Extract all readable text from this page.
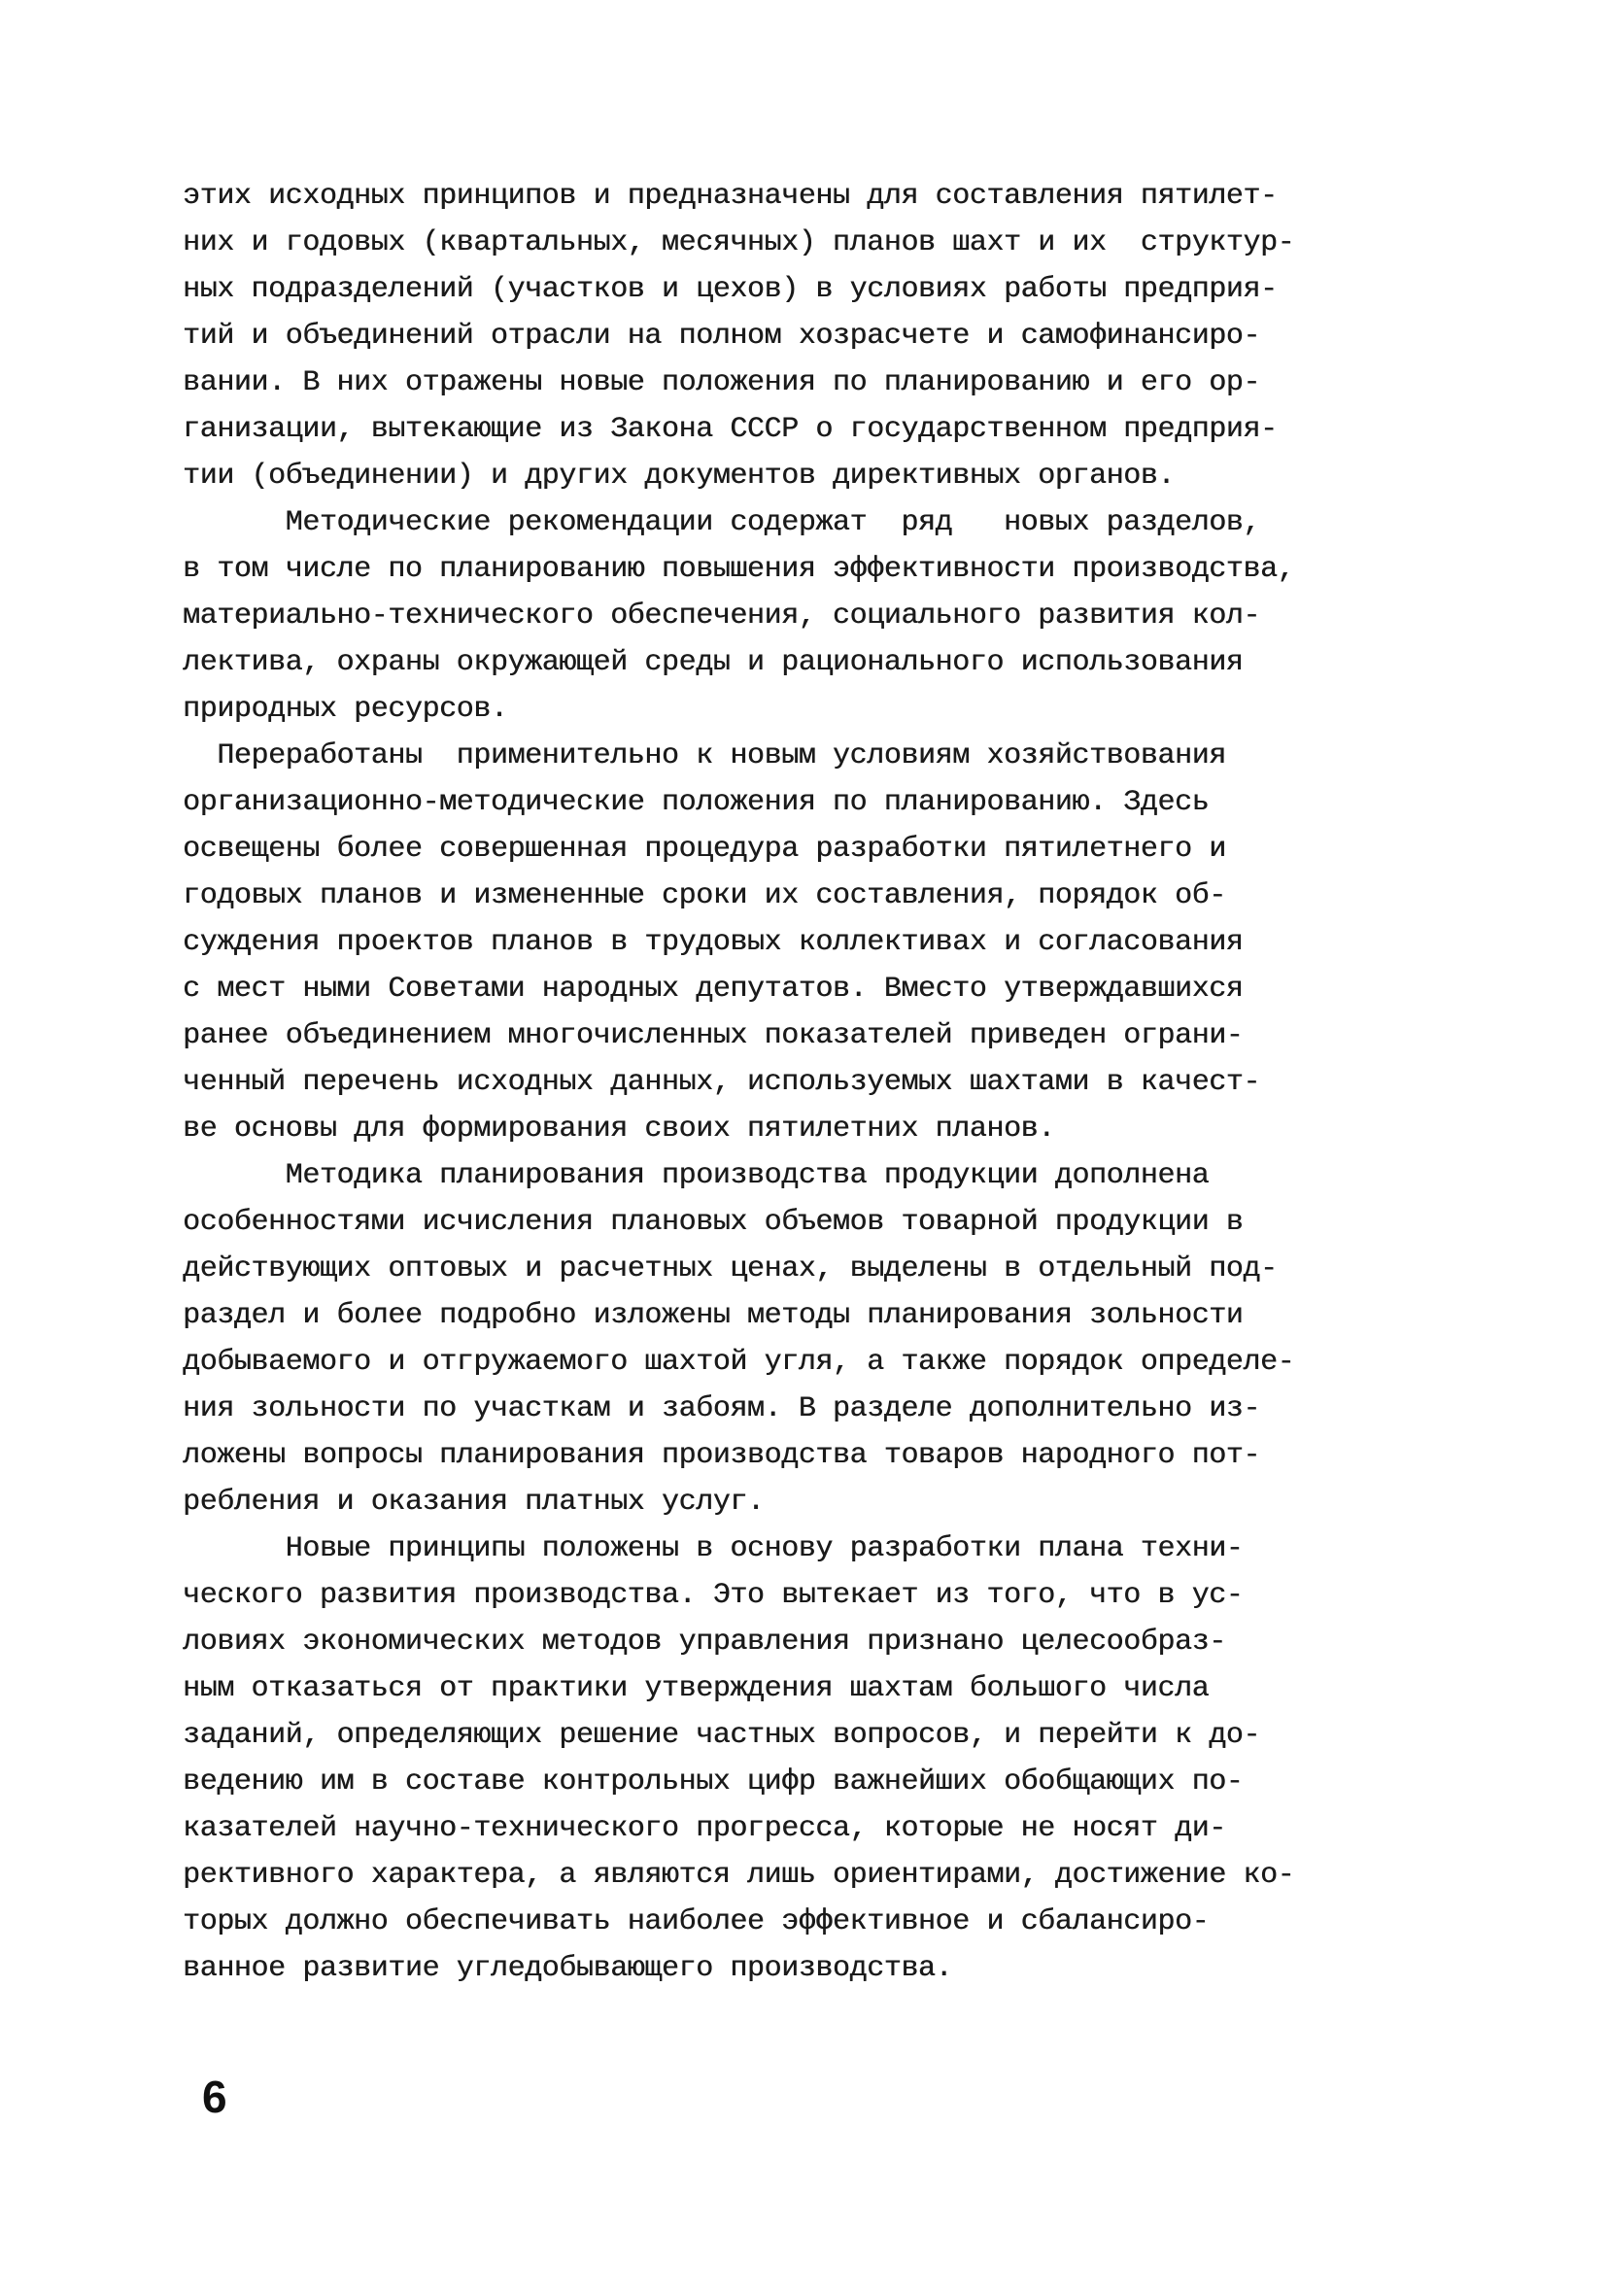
этих исходных принципов и предназначены для составления пятилет-
них и годовых (квартальных, месячных) планов шахт и их  структур-
ных подразделений (участков и цехов) в условиях работы предприя-
тий и объединений отрасли на полном хозрасчете и самофинансиро-
вании. В них отражены новые положения по планированию и его ор-
ганизации, вытекающие из Закона СССР о государственном предприя-
тии (объединении) и других документов директивных органов.
Методические рекомендации содержат  ряд   новых разделов,
в том числе по планированию повышения эффективности производства,
материально-технического обеспечения, социального развития кол-
лектива, охраны окружающей среды и рационального использования
природных ресурсов.
Переработаны  применительно к новым условиям хозяйствования
организационно-методические положения по планированию. Здесь
освещены более совершенная процедура разработки пятилетнего и
годовых планов и измененные сроки их составления, порядок об-
суждения проектов планов в трудовых коллективах и согласования
с мест ными Советами народных депутатов. Вместо утверждавшихся
ранее объединением многочисленных показателей приведен ограни-
ченный перечень исходных данных, используемых шахтами в качест-
ве основы для формирования своих пятилетних планов.
Методика планирования производства продукции дополнена
особенностями исчисления плановых объемов товарной продукции в
действующих оптовых и расчетных ценах, выделены в отдельный под-
раздел и более подробно изложены методы планирования зольности
добываемого и отгружаемого шахтой угля, а также порядок определе-
ния зольности по участкам и забоям. В разделе дополнительно из-
ложены вопросы планирования производства товаров народного пот-
ребления и оказания платных услуг.
Новые принципы положены в основу разработки плана техни-
ческого развития производства. Это вытекает из того, что в ус-
ловиях экономических методов управления признано целесообраз-
ным отказаться от практики утверждения шахтам большого числа
заданий, определяющих решение частных вопросов, и перейти к до-
ведению им в составе контрольных цифр важнейших обобщающих по-
казателей научно-технического прогресса, которые не носят ди-
рективного характера, а являются лишь ориентирами, достижение ко-
торых должно обеспечивать наиболее эффективное и сбалансиро-
ванное развитие угледобывающего производства.
6
